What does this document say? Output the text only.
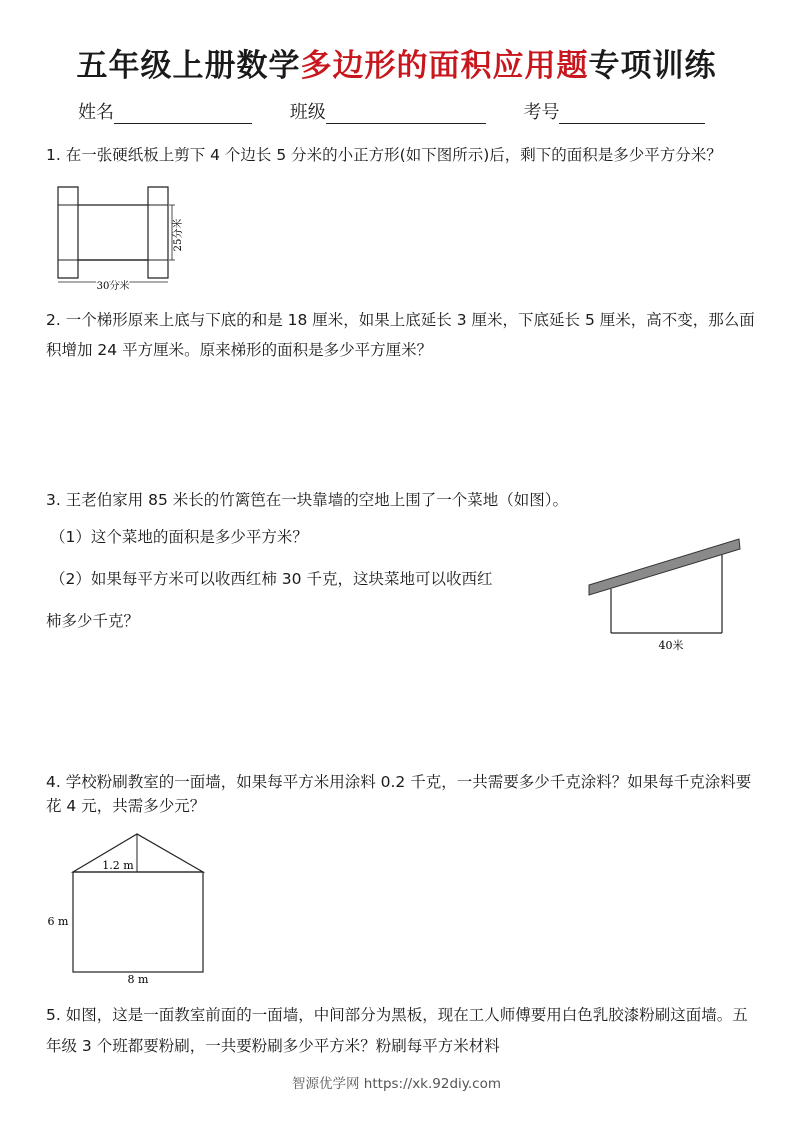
五年级上册数学多边形的面积应用题专项训练
姓名	班级	考号
1. 在一张硬纸板上剪下 4 个边长 5 分米的小正方形(如下图所示)后，剩下的面积是多少平方分米？
25分米
30分米
2. 一个梯形原来上底与下底的和是 18 厘米，如果上底延长 3 厘米，下底延长 5 厘米，高不变，那么面积增加 24 平方厘米。原来梯形的面积是多少平方厘米？
3. 王老伯家用 85 米长的竹篱笆在一块靠墙的空地上围了一个菜地（如图）。
（1）这个菜地的面积是多少平方米？
（2）如果每平方米可以收西红柿 30 千克，这块菜地可以收西红
柿多少千克？
40米
4. 学校粉刷教室的一面墙，如果每平方米用涂料 0.2 千克，一共需要多少千克涂料？如果每千克涂料要花 4 元，共需多少元？
1.2 m
6 m
8 m
5. 如图，这是一面教室前面的一面墙，中间部分为黑板，现在工人师傅要用白色乳胶漆粉刷这面墙。五年级 3 个班都要粉刷，一共要粉刷多少平方米？粉刷每平方米材料
智源优学网 https://xk.92diy.com
